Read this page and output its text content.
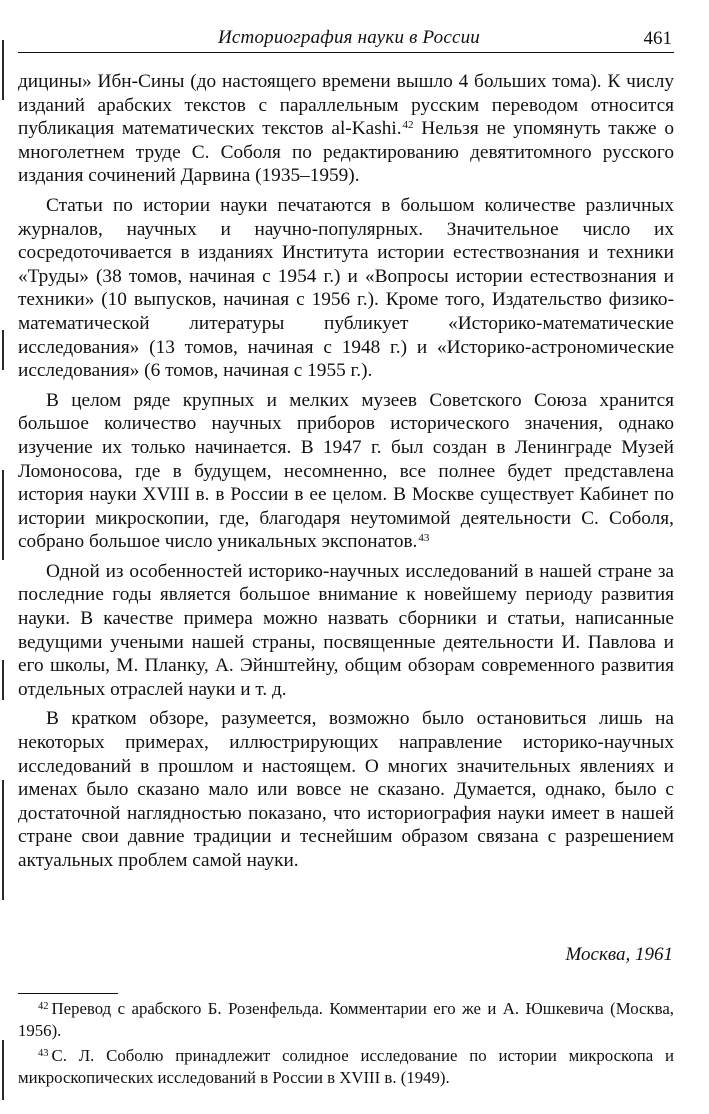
Историография науки в России	461

дицины» Ибн-Сины (до настоящего времени вышло 4 больших тома). К числу изданий арабских текстов с параллельным русским переводом относится публикация математических текстов al-Kashi.$^{42}$ Нельзя не упомянуть также о многолетнем труде С. Соболя по редактированию девятитомного русского издания сочинений Дарвина (1935–1959).

Статьи по истории науки печатаются в большом количестве различных журналов, научных и научно-популярных. Значительное число их сосредоточивается в изданиях Института истории естествознания и техники «Труды» (38 томов, начиная с 1954 г.) и «Вопросы истории естествознания и техники» (10 выпусков, начиная с 1956 г.). Кроме того, Издательство физико-математической литературы публикует «Историко-математические исследования» (13 томов, начиная с 1948 г.) и «Историко-астрономические исследования» (6 томов, начиная с 1955 г.).

В целом ряде крупных и мелких музеев Советского Союза хранится большое количество научных приборов исторического значения, однако изучение их только начинается. В 1947 г. был создан в Ленинграде Музей Ломоносова, где в будущем, несомненно, все полнее будет представлена история науки XVIII в. в России в ее целом. В Москве существует Кабинет по истории микроскопии, где, благодаря неутомимой деятельности С. Соболя, собрано большое число уникальных экспонатов.$^{43}$

Одной из особенностей историко-научных исследований в нашей стране за последние годы является большое внимание к новейшему периоду развития науки. В качестве примера можно назвать сборники и статьи, написанные ведущими учеными нашей страны, посвященные деятельности И. Павлова и его школы, М. Планку, А. Эйнштейну, общим обзорам современного развития отдельных отраслей науки и т. д.

В кратком обзоре, разумеется, возможно было остановиться лишь на некоторых примерах, иллюстрирующих направление историко-научных исследований в прошлом и настоящем. О многих значительных явлениях и именах было сказано мало или вовсе не сказано. Думается, однако, было с достаточной наглядностью показано, что историография науки имеет в нашей стране свои давние традиции и теснейшим образом связана с разрешением актуальных проблем самой науки.

Москва, 1961

$^{42}$ Перевод с арабского Б. Розенфельда. Комментарии его же и А. Юшкевича (Москва, 1956).

$^{43}$ С. Л. Соболю принадлежит солидное исследование по истории микроскопа и микроскопических исследований в России в XVIII в. (1949).
